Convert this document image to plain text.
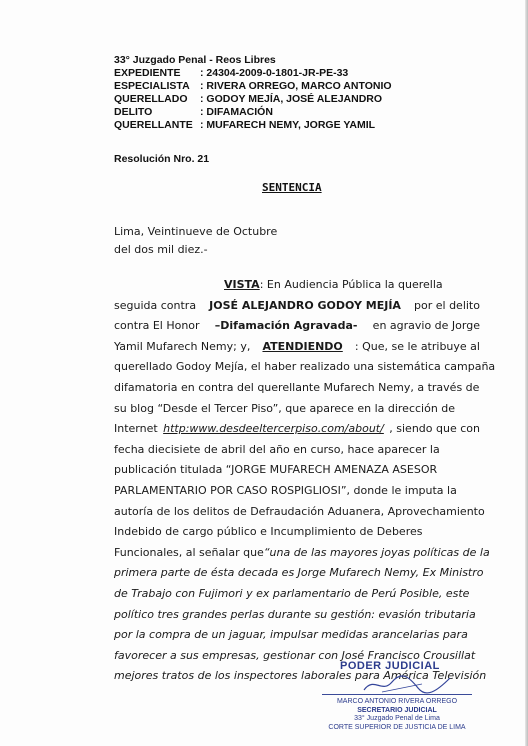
33° Juzgado Penal - Reos Libres
EXPEDIENTE	: 24304-2009-0-1801-JR-PE-33
ESPECIALISTA : RIVERA ORREGO, MARCO ANTONIO
QUERELLADO	: GODOY MEJÍA, JOSÉ ALEJANDRO
DELITO	: DIFAMACIÓN
QUERELLANTE : MUFARECH NEMY, JORGE YAMIL
Resolución Nro. 21
SENTENCIA
Lima, Veintinueve de Octubre
del dos mil diez.-
VISTA: En Audiencia Pública la querella
seguida contra JOSÉ ALEJANDRO GODOY MEJÍA por el delito
contra El Honor –Difamación Agravada- en agravio de Jorge
Yamil Mufarech Nemy; y, ATENDIENDO : Que, se le atribuye al
querellado Godoy Mejía, el haber realizado una sistemática campaña
difamatoria en contra del querellante Mufarech Nemy, a través de
su blog “Desde el Tercer Piso”, que aparece en la dirección de
Internet http:www.desdeeltercerpiso.com/about/ , siendo que con
fecha diecisiete de abril del año en curso, hace aparecer la
publicación titulada “JORGE MUFARECH AMENAZA ASESOR
PARLAMENTARIO POR CASO ROSPIGLIOSI”, donde le imputa la
autoría de los delitos de Defraudación Aduanera, Aprovechamiento
Indebido de cargo público e Incumplimiento de Deberes
Funcionales, al señalar que “una de las mayores joyas políticas de la
primera parte de ésta decada es Jorge Mufarech Nemy, Ex Ministro
de Trabajo con Fujimori y ex parlamentario de Perú Posible, este
político tres grandes perlas durante su gestión: evasión tributaria
por la compra de un jaguar, impulsar medidas arancelarias para
favorecer a sus empresas, gestionar con José Francisco Crousillat
mejores tratos de los inspectores laborales para América Televisión
PODER JUDICIAL
MARCO ANTONIO RIVERA ORREGO
SECRETARIO JUDICIAL
33° Juzgado Penal de Lima
CORTE SUPERIOR DE JUSTICIA DE LIMA
